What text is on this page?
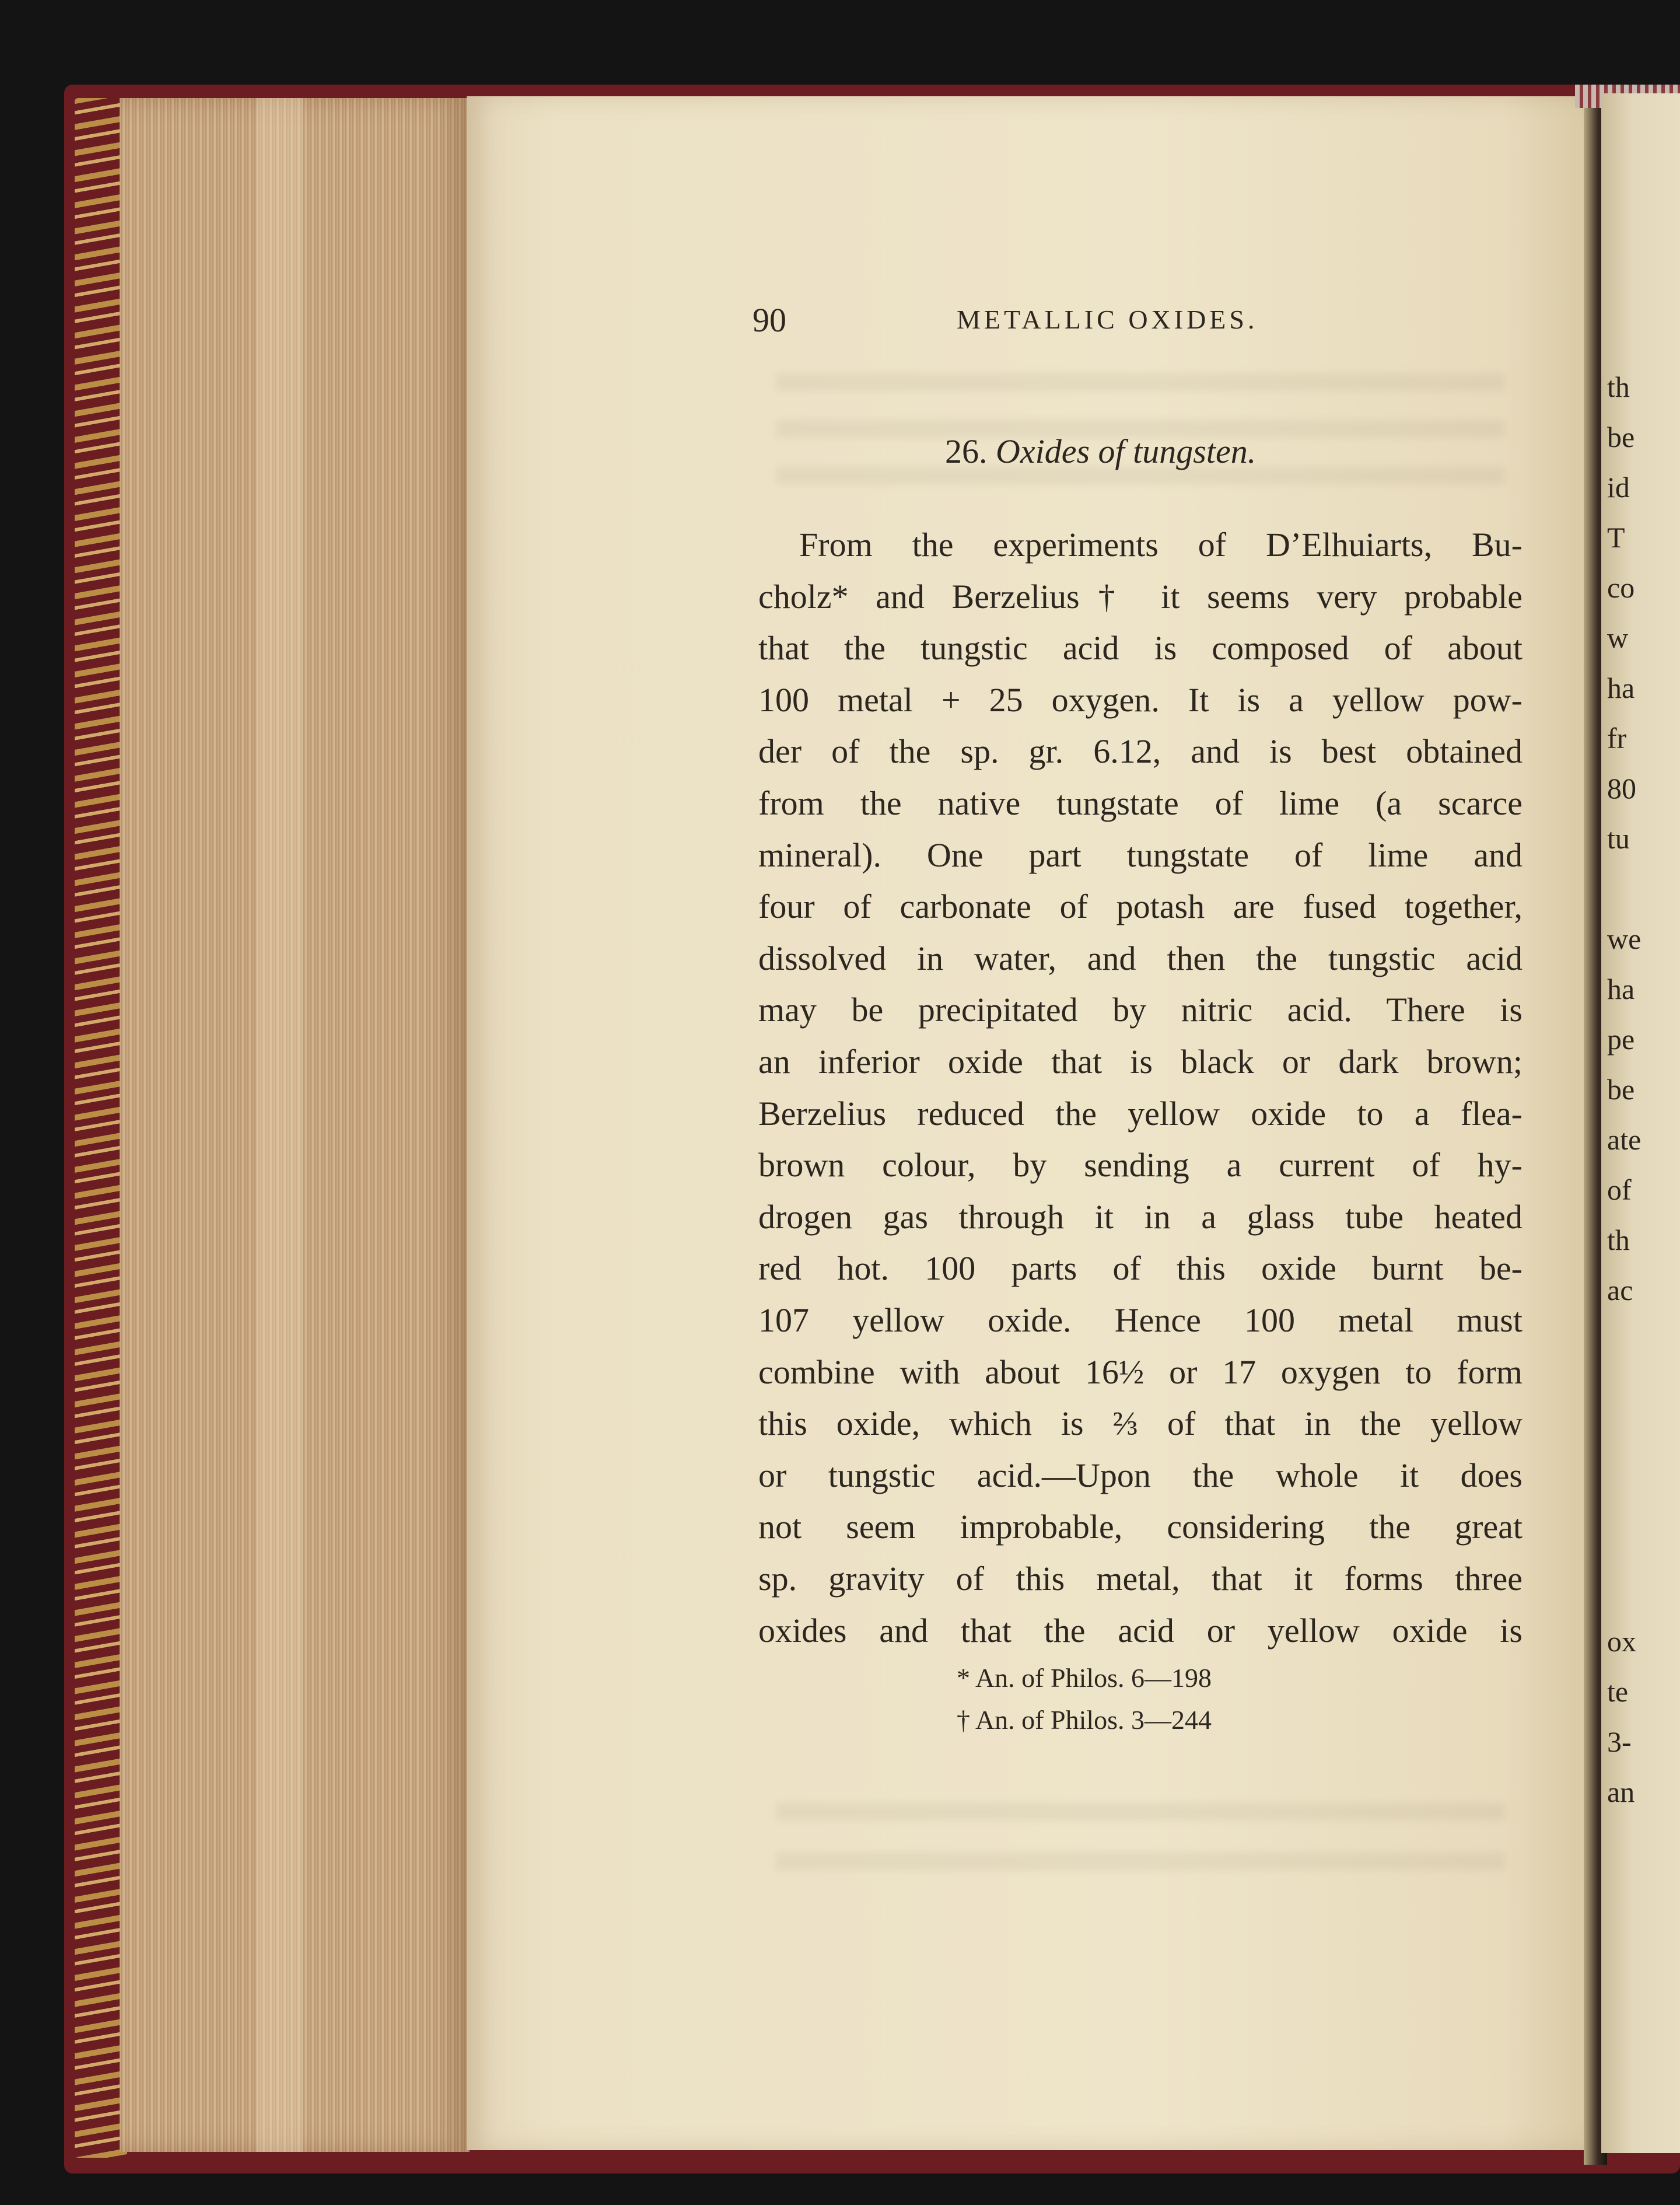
90	METALLIC OXIDES.
26. Oxides of tungsten.
From the experiments of D’Elhuiarts, Bu-
cholz* and Berzelius† it seems very probable
that the tungstic acid is composed of about
100 metal + 25 oxygen. It is a yellow pow-
der of the sp. gr. 6.12, and is best obtained
from the native tungstate of lime (a scarce
mineral). One part tungstate of lime and
four of carbonate of potash are fused together,
dissolved in water, and then the tungstic acid
may be precipitated by nitric acid. There is
an inferior oxide that is black or dark brown;
Berzelius reduced the yellow oxide to a flea-
brown colour, by sending a current of hy-
drogen gas through it in a glass tube heated
red hot. 100 parts of this oxide burnt be-
107 yellow oxide. Hence 100 metal must
combine with about 16½ or 17 oxygen to form
this oxide, which is ⅔ of that in the yellow
or tungstic acid.—Upon the whole it does
not seem improbable, considering the great
sp. gravity of this metal, that it forms three
oxides and that the acid or yellow oxide is
* An. of Philos. 6—198
† An. of Philos. 3—244
th
be
id
T
co
w
ha
fr
80
tu
we
ha
pe
be
ate
of
th
ac
ox
te
3-
an
